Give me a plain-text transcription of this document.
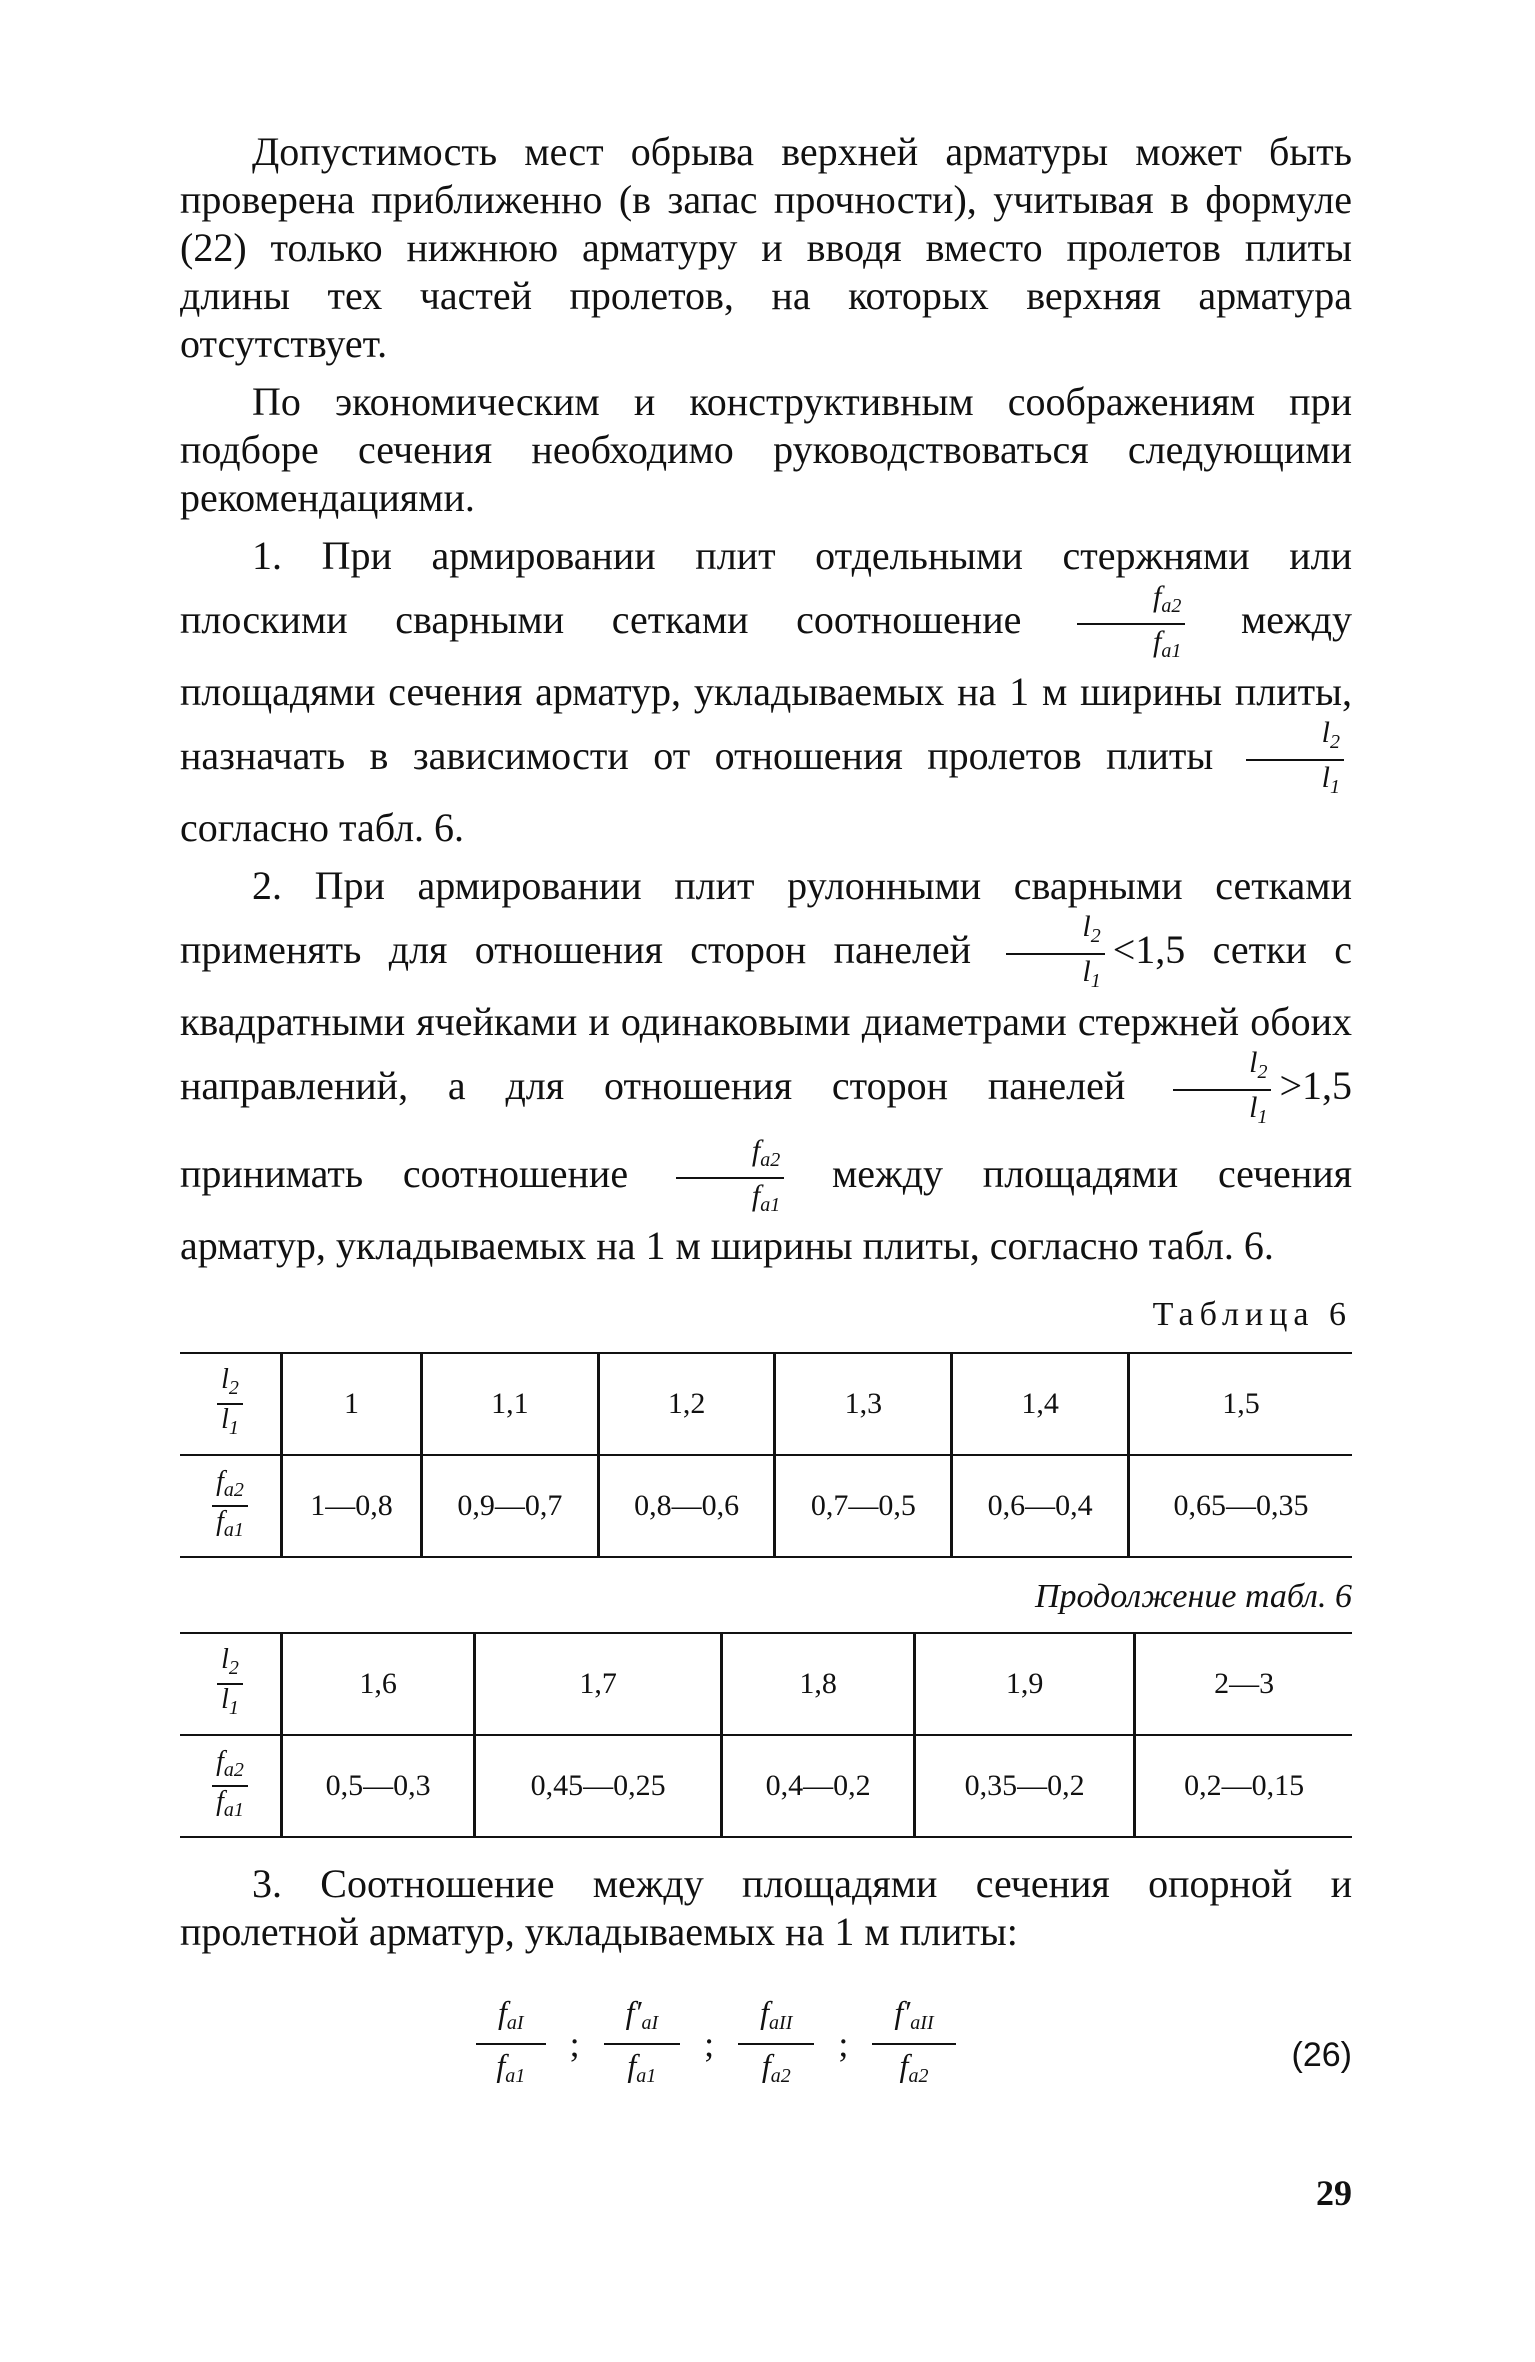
Допустимость мест обрыва верхней арматуры может быть проверена приближенно (в запас прочности), учитывая в формуле (22) только нижнюю арматуру и вводя вместо пролетов плиты длины тех частей пролетов, на которых верхняя арматура отсутствует.

По экономическим и конструктивным соображениям при подборе сечения необходимо руководствоваться следующими рекомендациями.

1. При армировании плит отдельными стержнями или плоскими сварными сетками соотношение $\frac{f_{a2}}{f_{a1}}$ между площадями сечения арматур, укладываемых на 1 м ширины плиты, назначать в зависимости от отношения пролетов плиты $\frac{l_2}{l_1}$
согласно табл. 6.

2. При армировании плит рулонными сварными сетками применять для отношения сторон панелей $\frac{l_2}{l_1} <1,5$ сетки с квадратными ячейками и одинаковыми диаметрами стержней обоих направлений, а для отношения сторон панелей $\frac{l_2}{l_1} >1,5$ принимать соотношение $\frac{f_{a2}}{f_{a1}}$ между площадями сечения арматур, укладываемых на 1 м ширины плиты, согласно табл. 6.

Таблица 6
$\frac{l_2}{l_1}$	1	1,1	1,2	1,3	1,4	1,5

$\frac{f_{a2}}{f_{a1}}$	1—0,8	0,9—0,7	0,8—0,6	0,7—0,5	0,6—0,4	0,65—0,35
Продолжение табл. 6
$\frac{l_2}{l_1}$	1,6	1,7	1,8	1,9	2—3

$\frac{f_{a2}}{f_{a1}}$	0,5—0,3	0,45—0,25	0,4—0,2	0,35—0,2	0,2—0,15

3. Соотношение между площадями сечения опорной и пролетной арматур, укладываемых на 1 м плиты:

$\frac{f_{aI}}{f_{a1}}$ ; $\frac{f'_{aI}}{f_{a1}}$ ; $\frac{f_{aII}}{f_{a2}}$ ; $\frac{f'_{aII}}{f_{a2}}$	(26)
29
